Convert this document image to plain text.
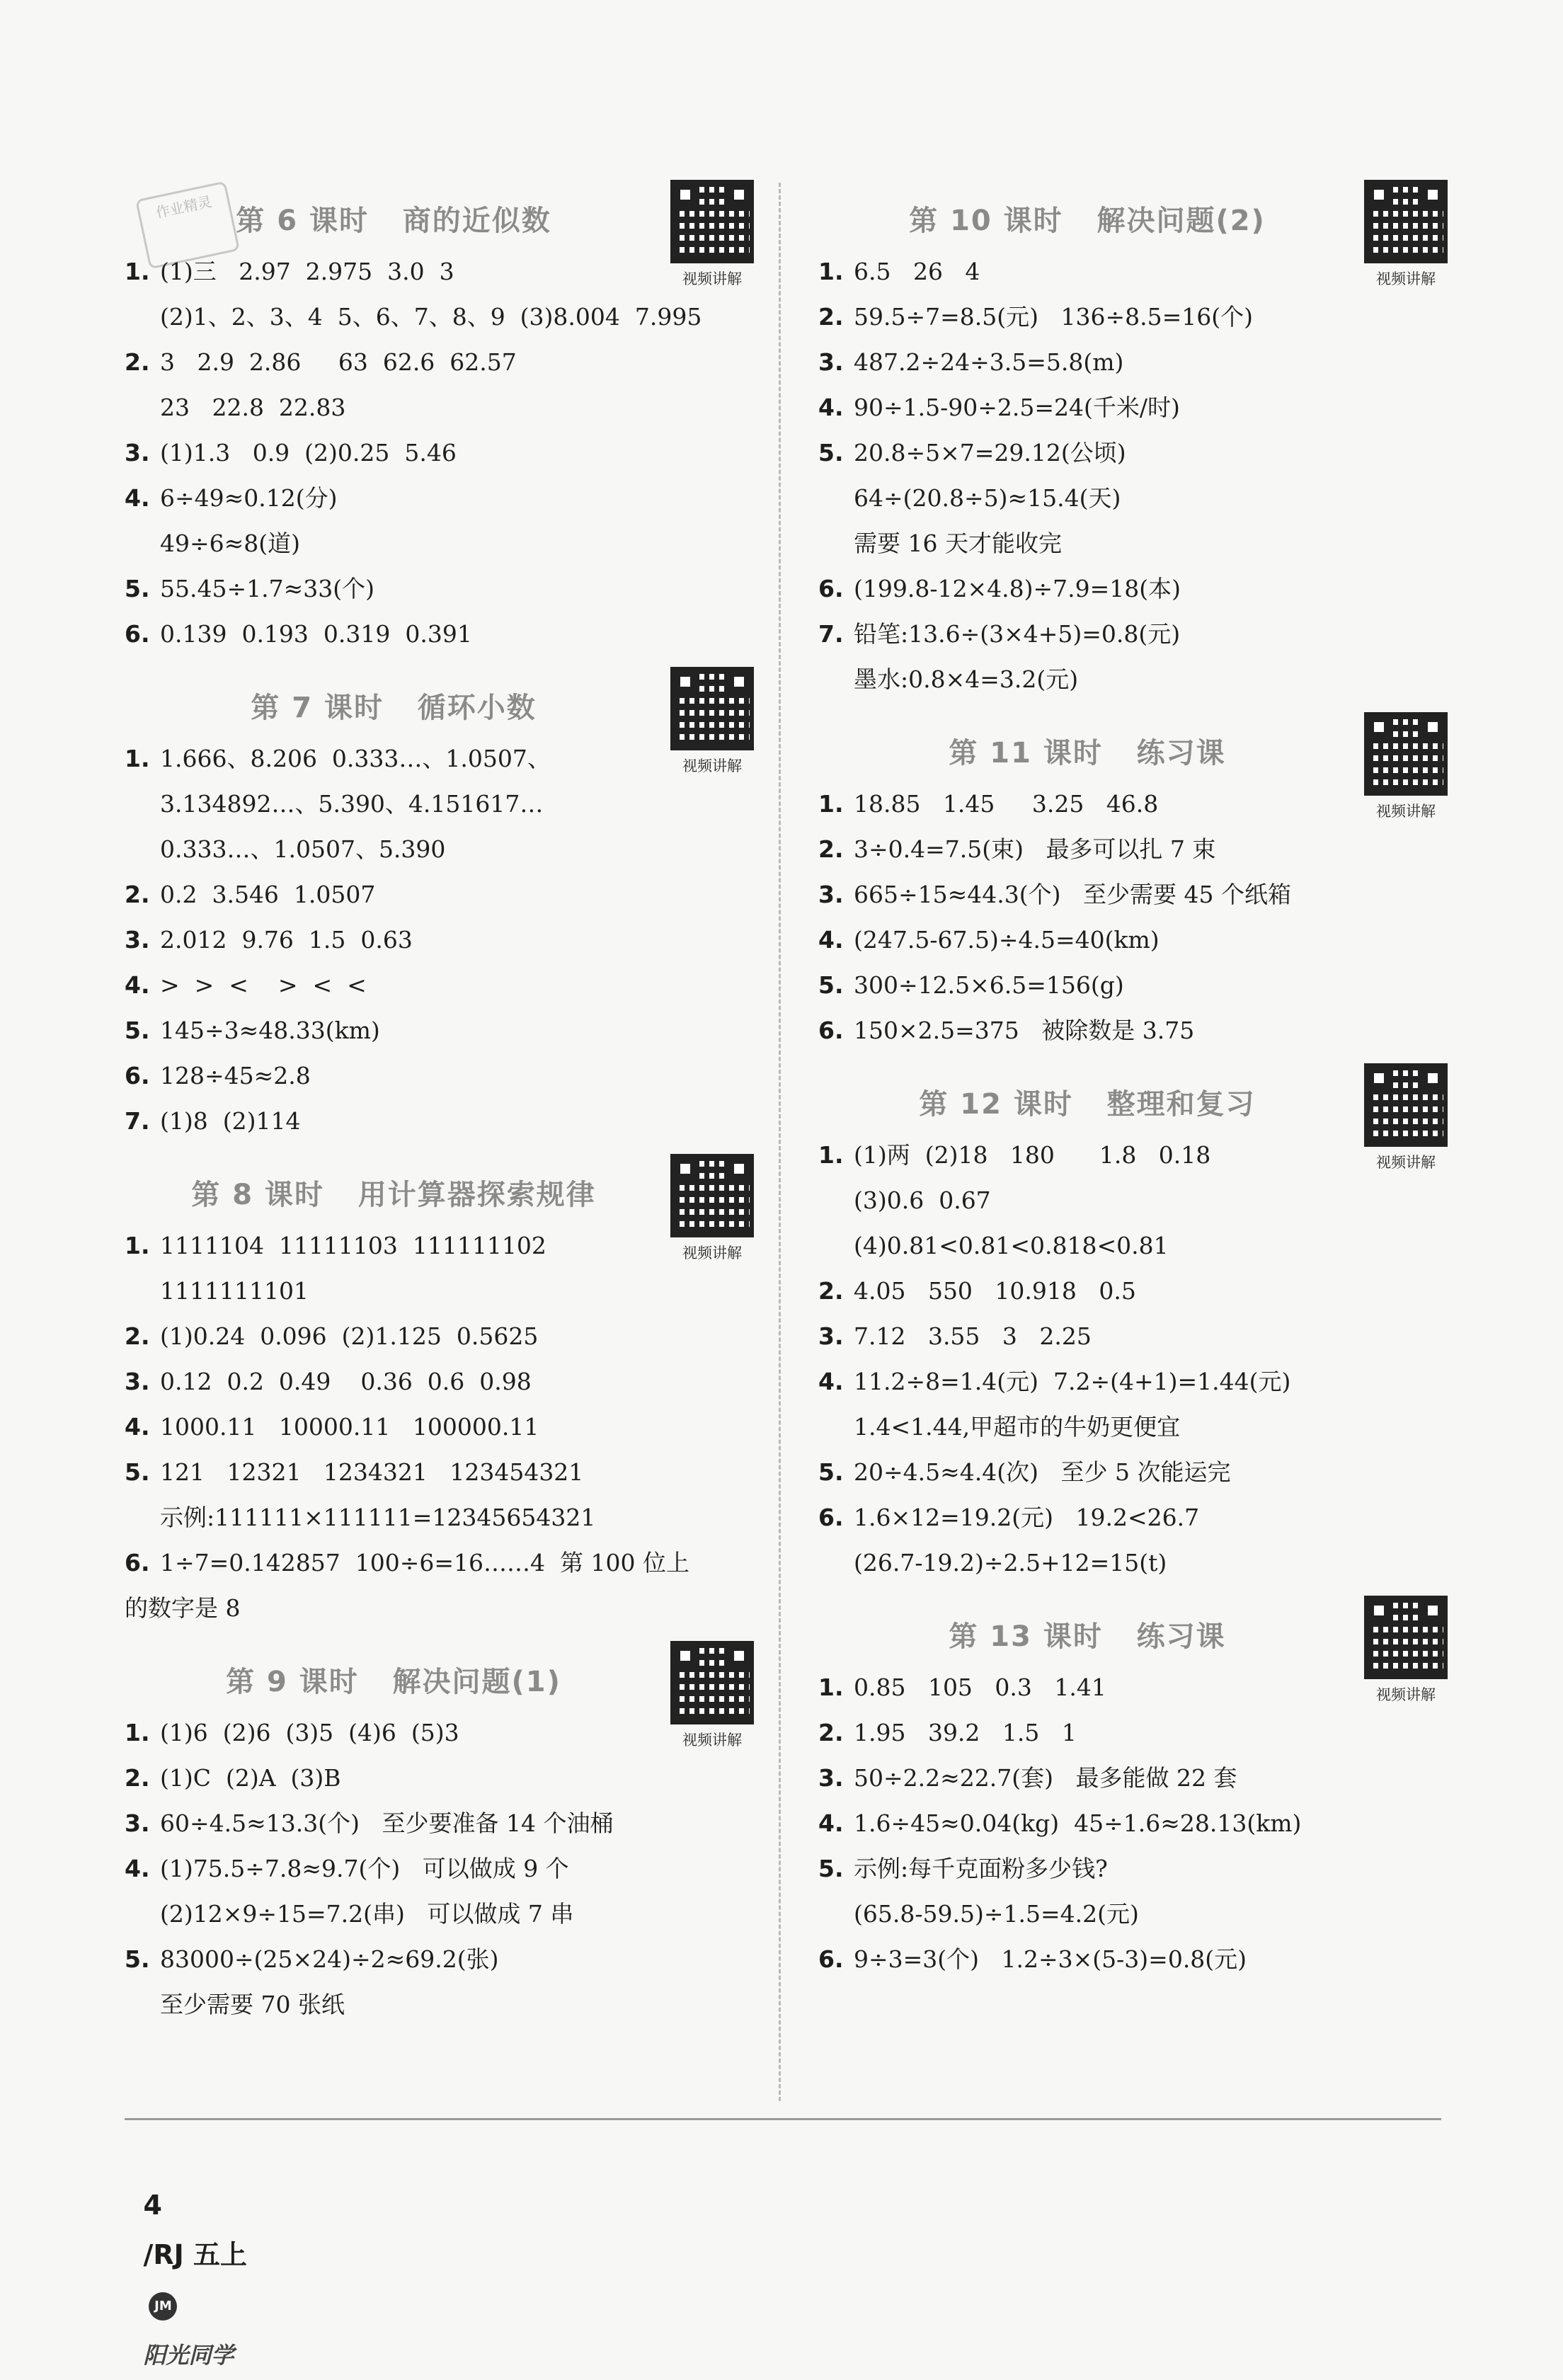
作业精灵 第 6 课时   商的近似数
视频讲解
1. (1)三   2.97  2.975  3.0  3
(2)1、2、3、4  5、6、7、8、9  (3)8.004  7.995
2. 3   2.9  2.86     63  62.6  62.57
23   22.8  22.83
3. (1)1.3   0.9  (2)0.25  5.46
4. 6÷49≈0.12(分)
49÷6≈8(道)
5. 55.45÷1.7≈33(个)
6. 0.139  0.193  0.319  0.391
第 7 课时   循环小数
视频讲解
1. 1.666、8.206  0.333…、1.0507、
3.134892…、5.390、4.151617…
0.333…、1.0507、5.390
2. 0.2  3.546  1.0507
3. 2.012  9.76  1.5  0.63
4. >  >  <    >  <  <
5. 145÷3≈48.33(km)
6. 128÷45≈2.8
7. (1)8  (2)114
第 8 课时   用计算器探索规律
视频讲解
1. 1111104  11111103  111111102
1111111101
2. (1)0.24  0.096  (2)1.125  0.5625
3. 0.12  0.2  0.49    0.36  0.6  0.98
4. 1000.11   10000.11   100000.11
5. 121   12321   1234321   123454321
示例:111111×111111=12345654321
6. 1÷7=0.142857  100÷6=16……4  第 100 位上
的数字是 8
第 9 课时   解决问题(1)
视频讲解
1. (1)6  (2)6  (3)5  (4)6  (5)3
2. (1)C  (2)A  (3)B
3. 60÷4.5≈13.3(个)   至少要准备 14 个油桶
4. (1)75.5÷7.8≈9.7(个)   可以做成 9 个
(2)12×9÷15=7.2(串)   可以做成 7 串
5. 83000÷(25×24)÷2≈69.2(张)
至少需要 70 张纸
第 10 课时   解决问题(2)
视频讲解
1. 6.5   26   4
2. 59.5÷7=8.5(元)   136÷8.5=16(个)
3. 487.2÷24÷3.5=5.8(m)
4. 90÷1.5-90÷2.5=24(千米/时)
5. 20.8÷5×7=29.12(公顷)
64÷(20.8÷5)≈15.4(天)
需要 16 天才能收完
6. (199.8-12×4.8)÷7.9=18(本)
7. 铅笔:13.6÷(3×4+5)=0.8(元)
墨水:0.8×4=3.2(元)
第 11 课时   练习课
视频讲解
1. 18.85   1.45     3.25   46.8
2. 3÷0.4=7.5(束)   最多可以扎 7 束
3. 665÷15≈44.3(个)   至少需要 45 个纸箱
4. (247.5-67.5)÷4.5=40(km)
5. 300÷12.5×6.5=156(g)
6. 150×2.5=375   被除数是 3.75
第 12 课时   整理和复习
视频讲解
1. (1)两  (2)18   180      1.8   0.18
(3)0.6  0.67
(4)0.81<0.81<0.818<0.81
2. 4.05   550   10.918   0.5
3. 7.12   3.55   3   2.25
4. 11.2÷8=1.4(元)  7.2÷(4+1)=1.44(元)
1.4<1.44,甲超市的牛奶更便宜
5. 20÷4.5≈4.4(次)   至少 5 次能运完
6. 1.6×12=19.2(元)   19.2<26.7
(26.7-19.2)÷2.5+12=15(t)
第 13 课时   练习课
视频讲解
1. 0.85   105   0.3   1.41
2. 1.95   39.2   1.5   1
3. 50÷2.2≈22.7(套)   最多能做 22 套
4. 1.6÷45≈0.04(kg)  45÷1.6≈28.13(km)
5. 示例:每千克面粉多少钱?
(65.8-59.5)÷1.5=4.2(元)
6. 9÷3=3(个)   1.2÷3×(5-3)=0.8(元)

4
/RJ 五上
JM
阳光同学
